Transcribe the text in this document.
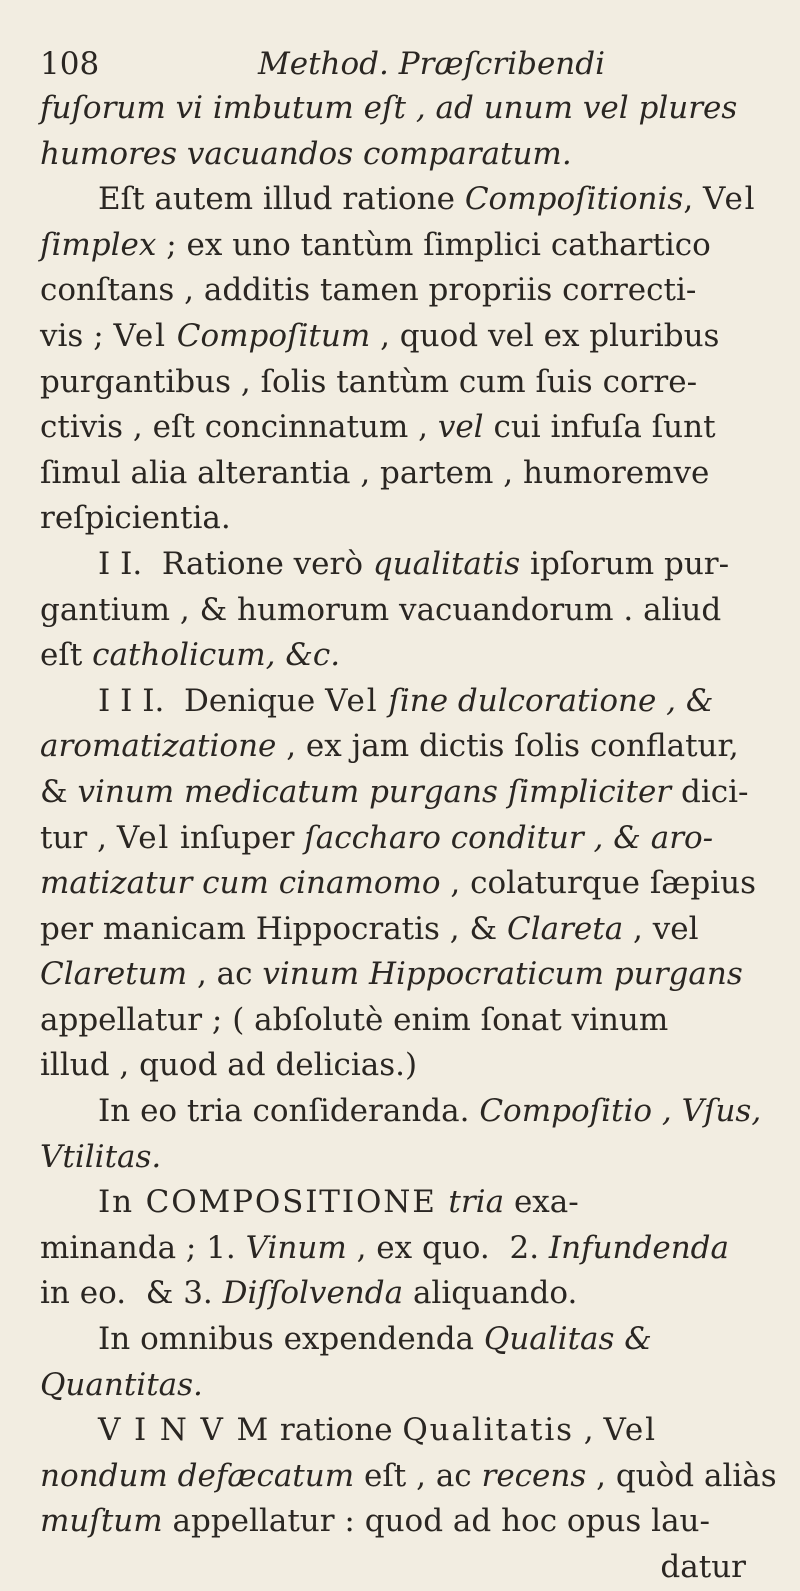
108	Method. Præſcribendi
fuſorum vi imbutum eſt , ad unum vel plures
humores vacuandos comparatum.
Eſt autem illud ratione Compoſitionis, Vel
ſimplex ; ex uno tantùm ſimplici cathartico
conſtans , additis tamen propriis correcti-
vis ; Vel Compoſitum , quod vel ex pluribus
purgantibus , ſolis tantùm cum ſuis corre-
ctivis , eſt concinnatum , vel cui infuſa ſunt
ſimul alia alterantia , partem , humoremve
reſpicientia.
I I.  Ratione verò qualitatis ipſorum pur-
gantium , & humorum vacuandorum . aliud
eſt catholicum, &c.
I I I.  Denique Vel ſine dulcoratione , &
aromatizatione , ex jam dictis ſolis conflatur,
& vinum medicatum purgans ſimpliciter dici-
tur , Vel inſuper ſaccharo conditur , & aro-
matizatur cum cinamomo , colaturque ſæpius
per manicam Hippocratis , & Clareta , vel
Claretum , ac vinum Hippocraticum purgans
appellatur ; ( abſolutè enim ſonat vinum
illud , quod ad delicias.)
In eo tria conſideranda. Compoſitio , Vſus,
Vtilitas.
In COMPOSITIONE tria exa-
minanda ; 1. Vinum , ex quo.  2. Infundenda
in eo.  & 3. Diſſolvenda aliquando.
In omnibus expendenda Qualitas &
Quantitas.
V I N V M ratione Qualitatis , Vel
nondum defæcatum eſt , ac recens , quòd aliàs
muſtum appellatur : quod ad hoc opus lau-
datur
